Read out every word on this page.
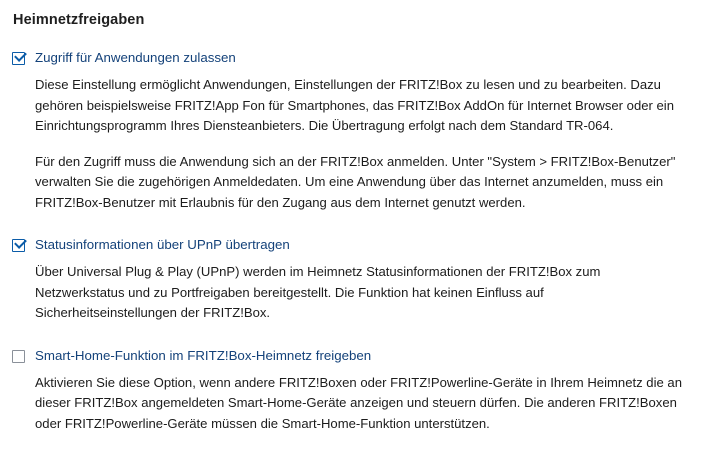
Heimnetzfreigaben
Zugriff für Anwendungen zulassen

Diese Einstellung ermöglicht Anwendungen, Einstellungen der FRITZ!Box zu lesen und zu bearbeiten. Dazu gehören beispielsweise FRITZ!App Fon für Smartphones, das FRITZ!Box AddOn für Internet Browser oder ein Einrichtungsprogramm Ihres Diensteanbieters. Die Übertragung erfolgt nach dem Standard TR-064.

Für den Zugriff muss die Anwendung sich an der FRITZ!Box anmelden. Unter "System > FRITZ!Box-Benutzer" verwalten Sie die zugehörigen Anmeldedaten. Um eine Anwendung über das Internet anzumelden, muss ein FRITZ!Box-Benutzer mit Erlaubnis für den Zugang aus dem Internet genutzt werden.

Statusinformationen über UPnP übertragen

Über Universal Plug & Play (UPnP) werden im Heimnetz Statusinformationen der FRITZ!Box zum Netzwerkstatus und zu Portfreigaben bereitgestellt. Die Funktion hat keinen Einfluss auf Sicherheitseinstellungen der FRITZ!Box.

Smart-Home-Funktion im FRITZ!Box-Heimnetz freigeben

Aktivieren Sie diese Option, wenn andere FRITZ!Boxen oder FRITZ!Powerline-Geräte in Ihrem Heimnetz die an dieser FRITZ!Box angemeldeten Smart-Home-Geräte anzeigen und steuern dürfen. Die anderen FRITZ!Boxen oder FRITZ!Powerline-Geräte müssen die Smart-Home-Funktion unterstützen.
